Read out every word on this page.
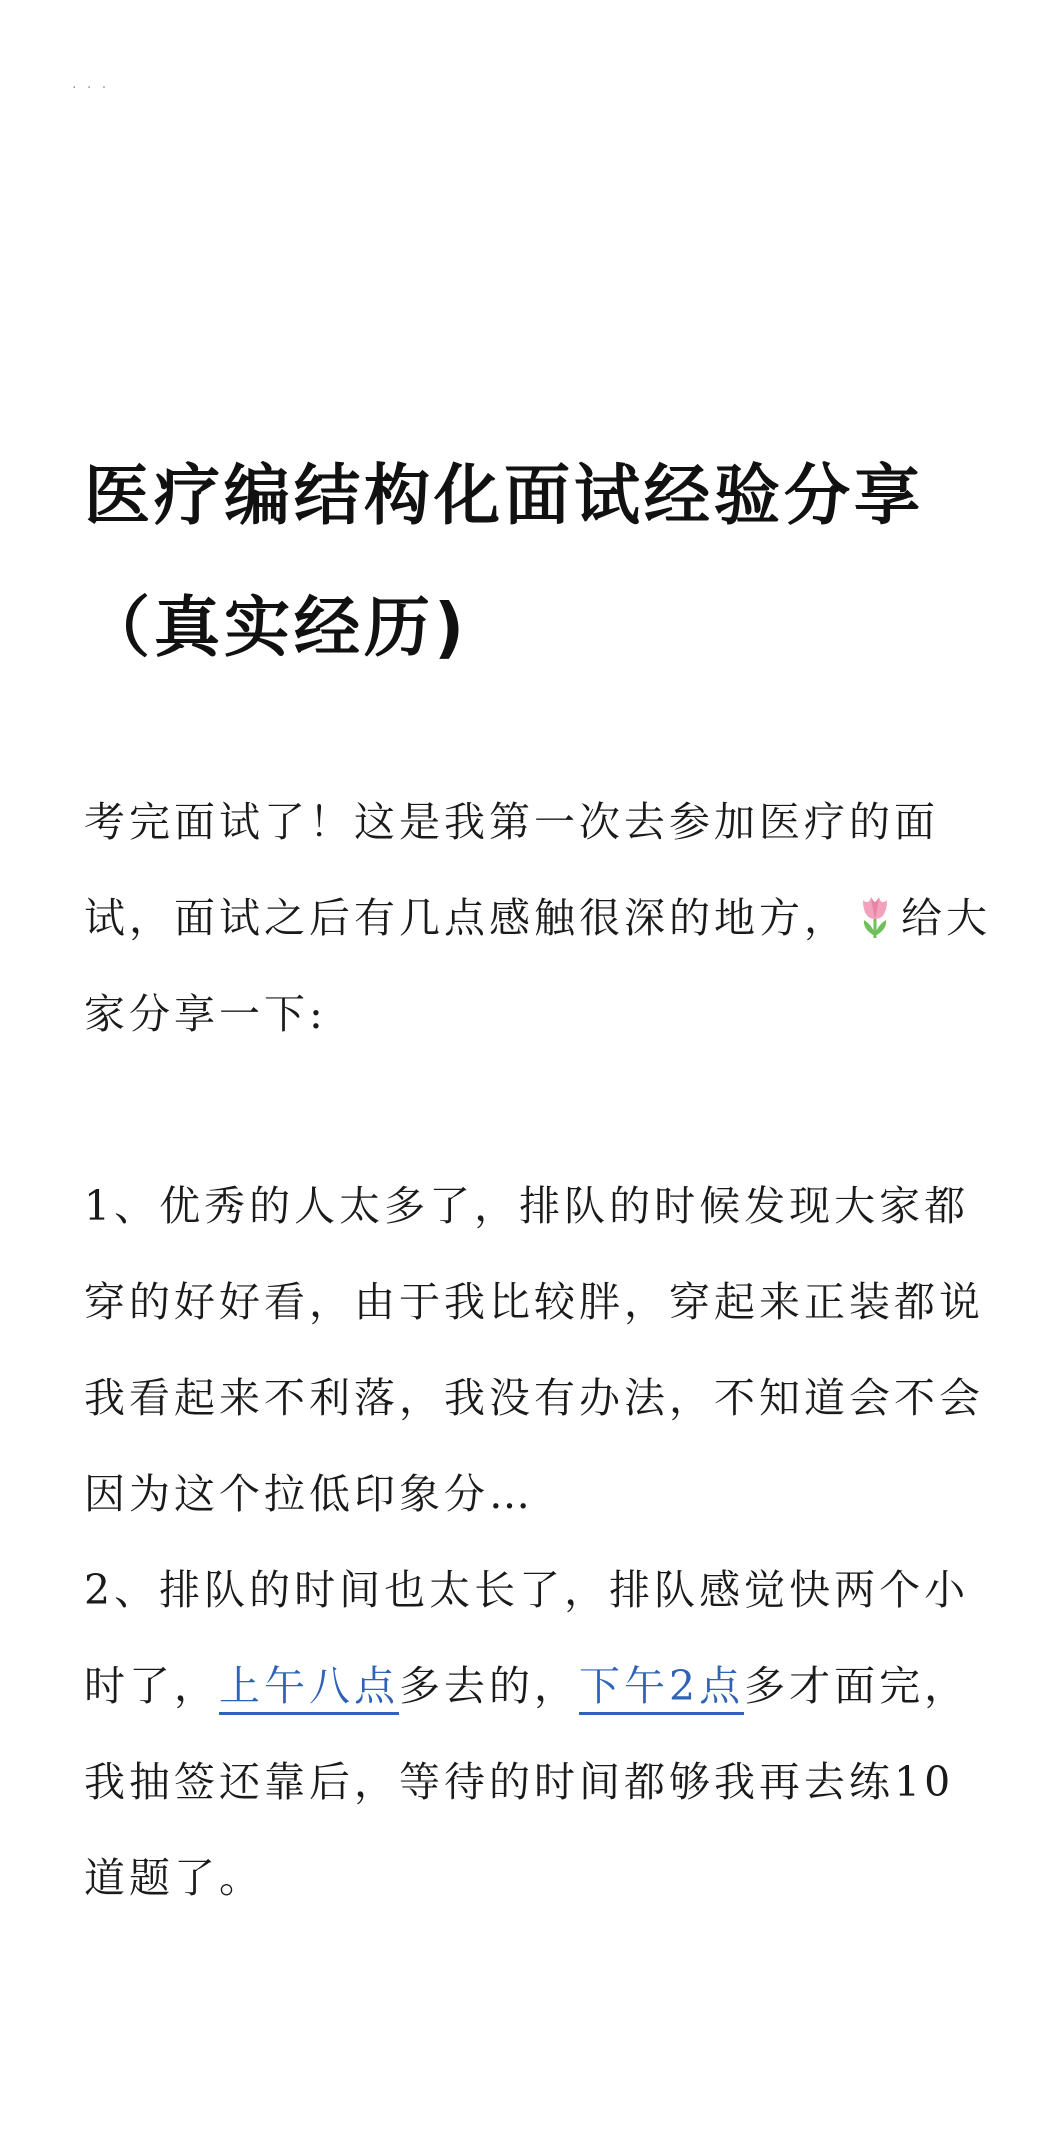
· · ·
医疗编结构化面试经验分享（真实经历)

考完面试了！这是我第一次去参加医疗的面试，面试之后有几点感触很深的地方， 给大家分享一下:

1、优秀的人太多了，排队的时候发现大家都穿的好好看，由于我比较胖，穿起来正装都说我看起来不利落，我没有办法，不知道会不会因为这个拉低印象分…

2、排队的时间也太长了，排队感觉快两个小时了，上午八点多去的，下午2点多才面完，我抽签还靠后，等待的时间都够我再去练10道题了。
